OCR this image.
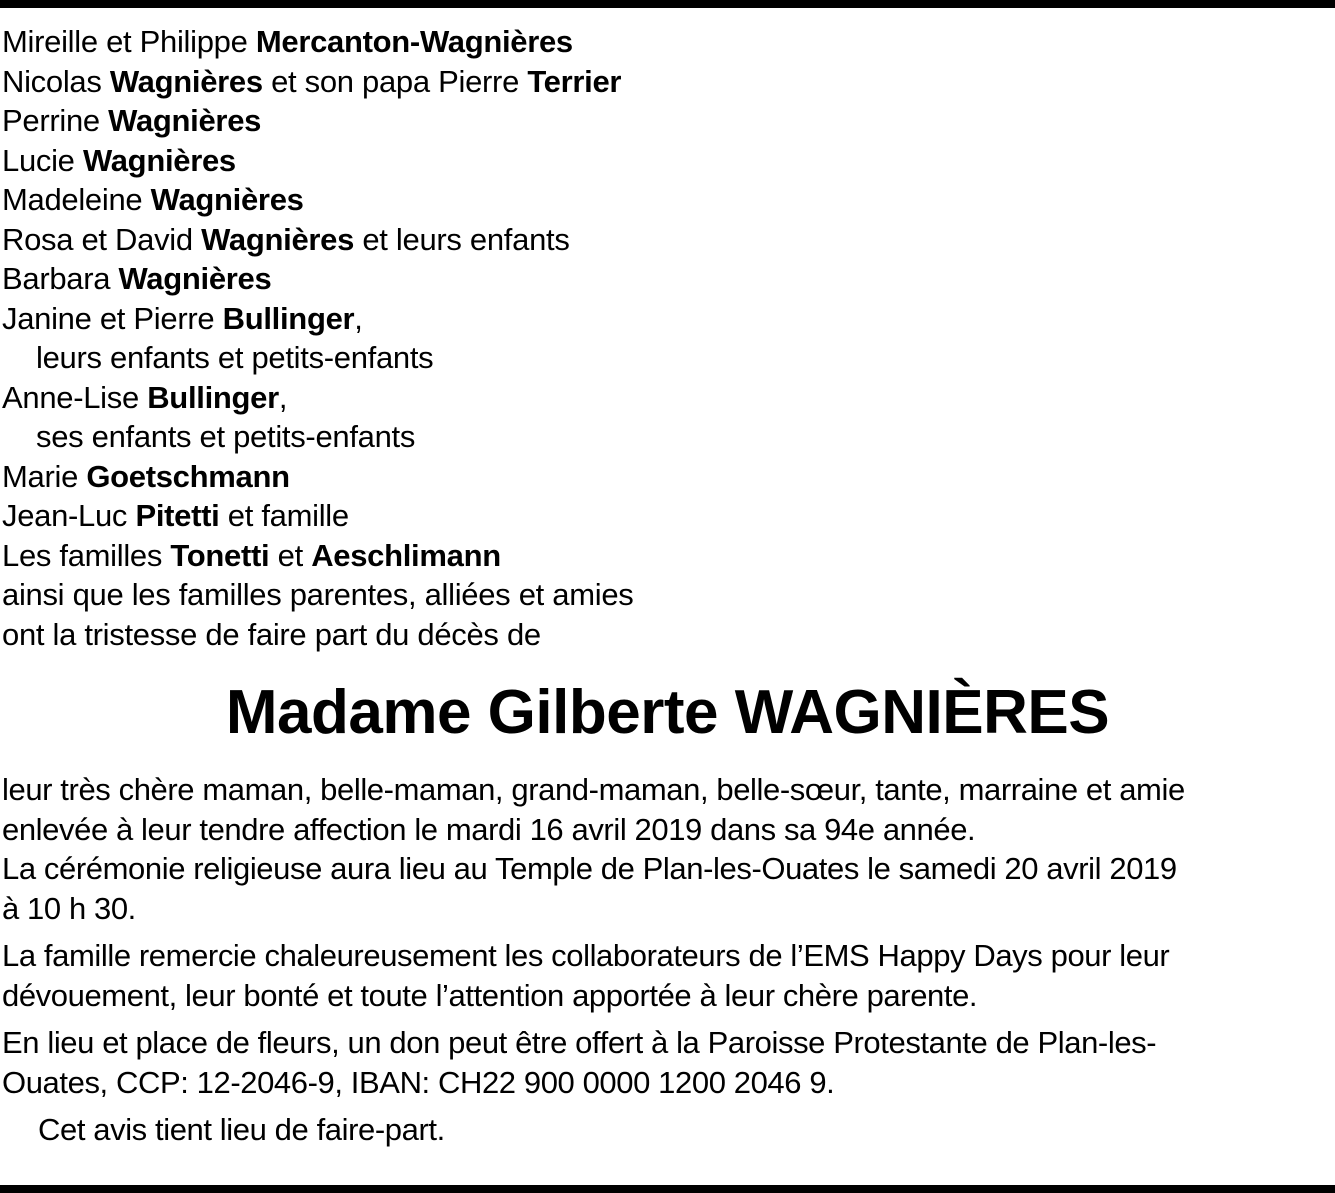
Mireille et Philippe Mercanton-Wagnières
Nicolas Wagnières et son papa Pierre Terrier
Perrine Wagnières
Lucie Wagnières
Madeleine Wagnières
Rosa et David Wagnières et leurs enfants
Barbara Wagnières
Janine et Pierre Bullinger,
leurs enfants et petits-enfants
Anne-Lise Bullinger,
ses enfants et petits-enfants
Marie Goetschmann
Jean-Luc Pitetti et famille
Les familles Tonetti et Aeschlimann
ainsi que les familles parentes, alliées et amies
ont la tristesse de faire part du décès de
Madame Gilberte WAGNIÈRES

leur très chère maman, belle-maman, grand-maman, belle-sœur, tante, marraine et amie
enlevée à leur tendre affection le mardi 16 avril 2019 dans sa 94e année.
La cérémonie religieuse aura lieu au Temple de Plan-les-Ouates le samedi 20 avril 2019
à 10 h 30.

La famille remercie chaleureusement les collaborateurs de l’EMS Happy Days pour leur
dévouement, leur bonté et toute l’attention apportée à leur chère parente.

En lieu et place de fleurs, un don peut être offert à la Paroisse Protestante de Plan-les-
Ouates, CCP: 12-2046-9, IBAN: CH22 900 0000 1200 2046 9.

Cet avis tient lieu de faire-part.
